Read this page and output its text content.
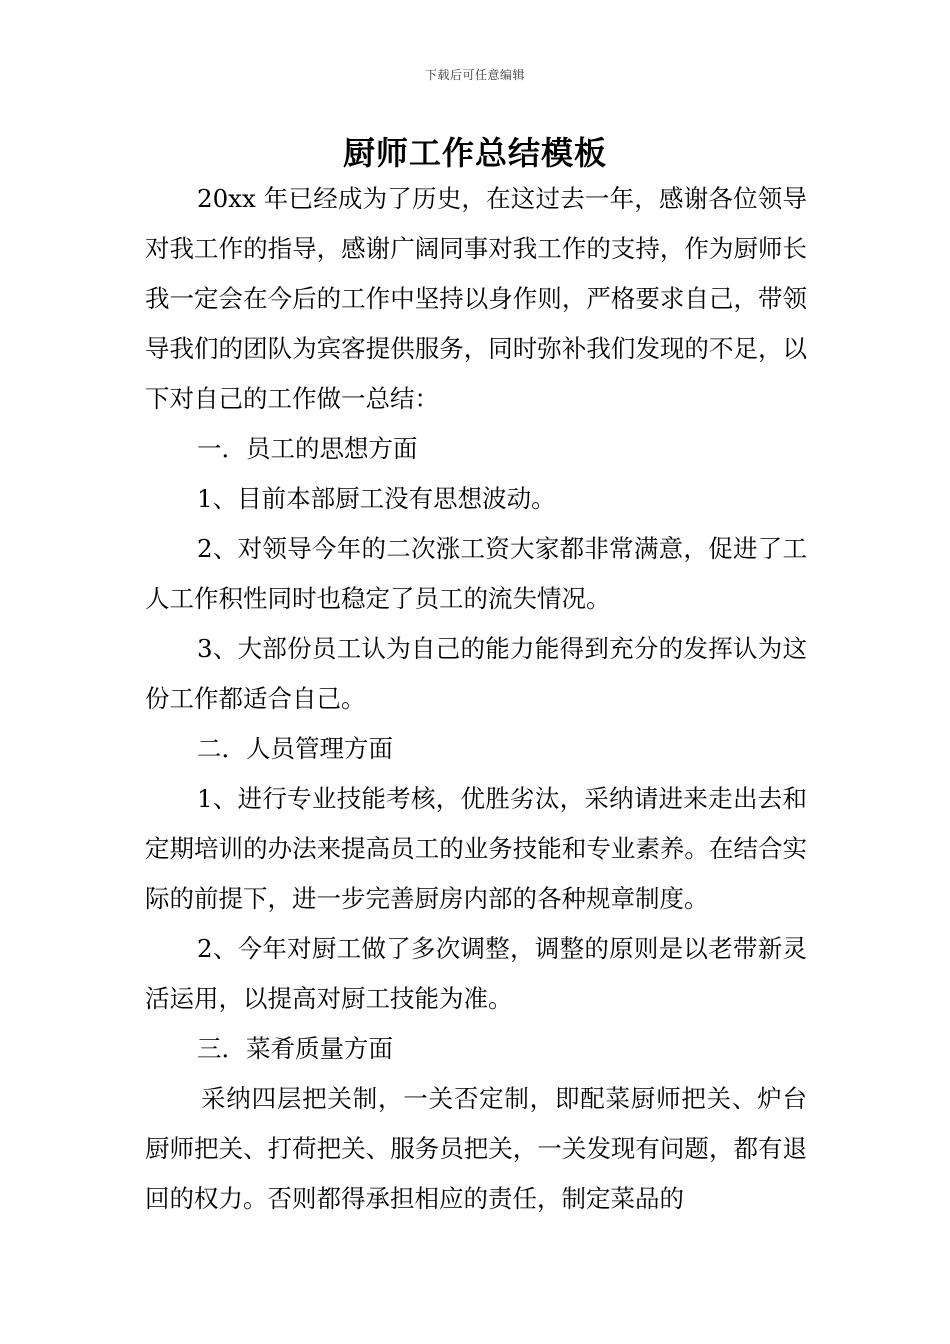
下载后可任意编辑
厨师工作总结模板

20xx 年已经成为了历史，在这过去一年，感谢各位领导对我工作的指导，感谢广阔同事对我工作的支持，作为厨师长我一定会在今后的工作中坚持以身作则，严格要求自己，带领导我们的团队为宾客提供服务，同时弥补我们发现的不足，以下对自己的工作做一总结：

一．员工的思想方面

1、目前本部厨工没有思想波动。

2、对领导今年的二次涨工资大家都非常满意，促进了工人工作积性同时也稳定了员工的流失情况。

3、大部份员工认为自己的能力能得到充分的发挥认为这份工作都适合自己。

二．人员管理方面

1、进行专业技能考核，优胜劣汰，采纳请进来走出去和定期培训的办法来提高员工的业务技能和专业素养。在结合实际的前提下，进一步完善厨房内部的各种规章制度。

2、今年对厨工做了多次调整，调整的原则是以老带新灵活运用，以提高对厨工技能为准。

三．菜肴质量方面

采纳四层把关制，一关否定制，即配菜厨师把关、炉台厨师把关、打荷把关、服务员把关，一关发现有问题，都有退回的权力。否则都得承担相应的责任，制定菜品的
